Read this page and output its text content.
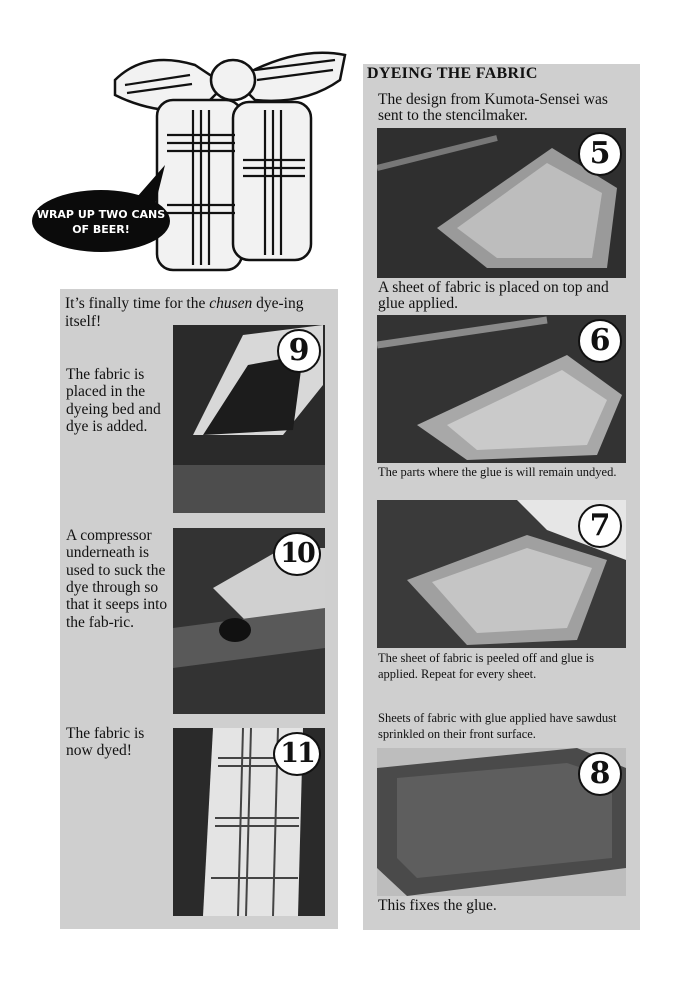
WRAP UP TWO CANS OF BEER!
DYEING THE FABRIC
The design from Kumota-Sensei was sent to the stencilmaker.
5
A sheet of fabric is placed on top and glue applied.
6
The parts where the glue is will remain undyed.
7
The sheet of fabric is peeled off and glue is applied. Repeat for every sheet.
Sheets of fabric with glue applied have sawdust sprinkled on their front surface.
8
This fixes the glue.
It’s finally time for the chusen dye-ing itself!
The fabric is placed in the dyeing bed and dye is added.
9
A compressor underneath is used to suck the dye through so that it seeps into the fab-ric.
10
The fabric is now dyed!	11
